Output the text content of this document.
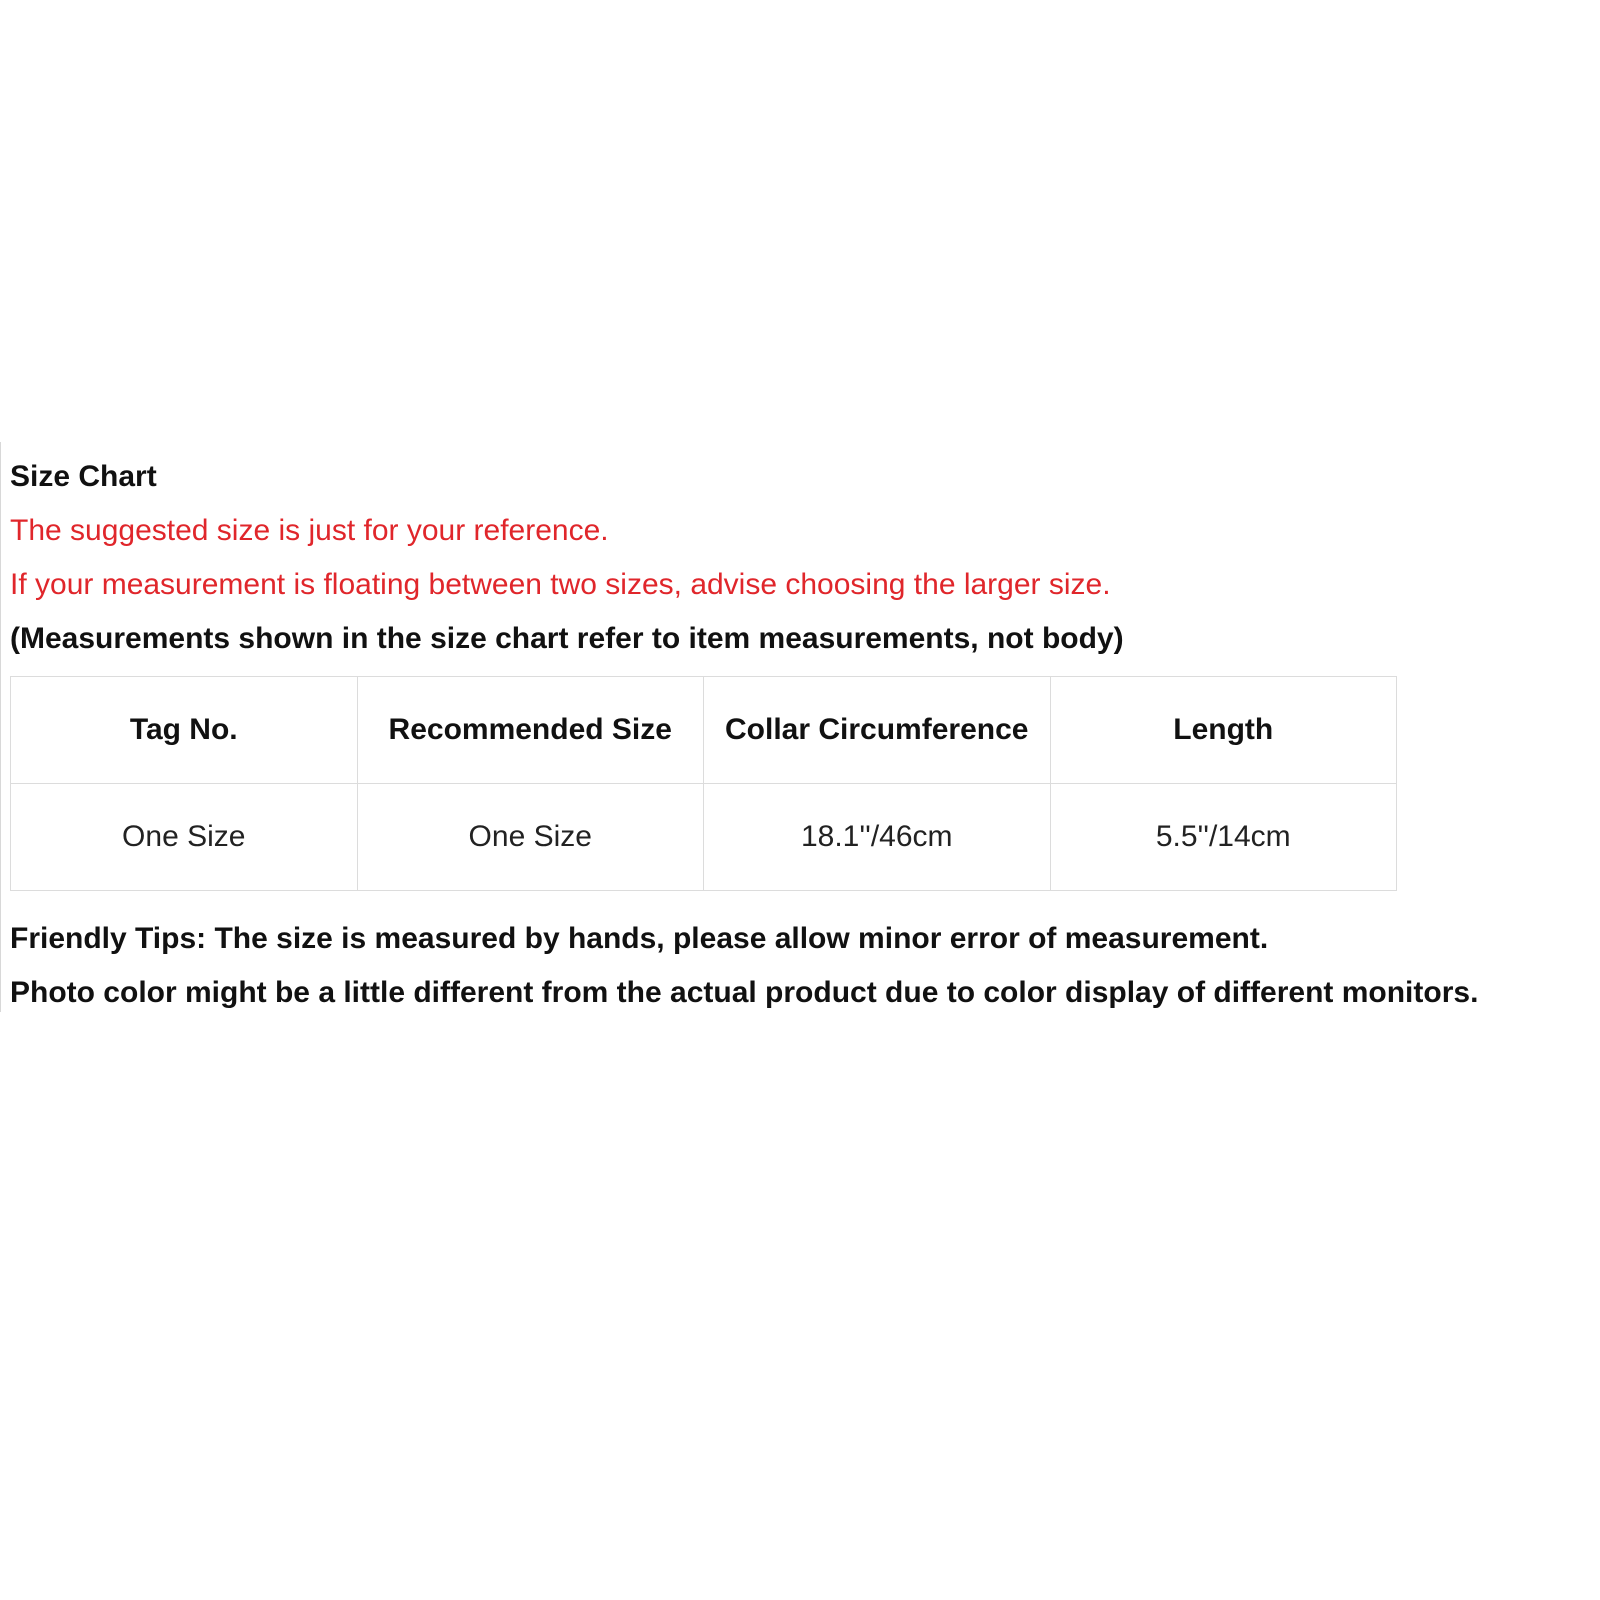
Size Chart

The suggested size is just for your reference.

If your measurement is floating between two sizes, advise choosing the larger size.

(Measurements shown in the size chart refer to item measurements, not body)

Tag No.	Recommended Size	Collar Circumference	Length
One Size	One Size	18.1''/46cm	5.5''/14cm

Friendly Tips: The size is measured by hands, please allow minor error of measurement.

Photo color might be a little different from the actual product due to color display of different monitors.
